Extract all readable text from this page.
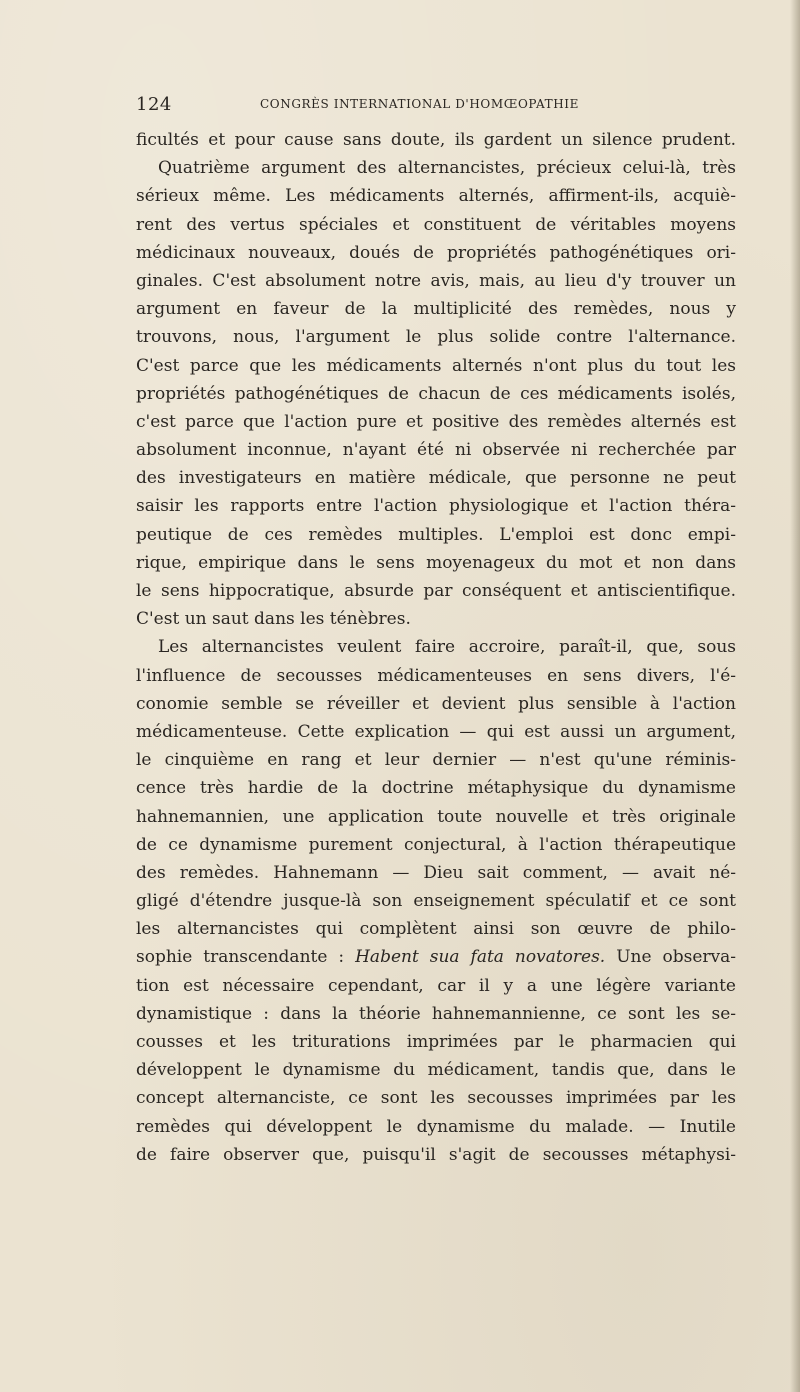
124	CONGRÈS INTERNATIONAL D'HOMŒOPATHIE
ficultés et pour cause sans doute, ils gardent un silence prudent.
Quatrième argument des alternancistes, précieux celui-là, très
sérieux même. Les médicaments alternés, affirment-ils, acquiè-
rent des vertus spéciales et constituent de véritables moyens
médicinaux nouveaux, doués de propriétés pathogénétiques ori-
ginales. C'est absolument notre avis, mais, au lieu d'y trouver un
argument en faveur de la multiplicité des remèdes, nous y
trouvons, nous, l'argument le plus solide contre l'alternance.
C'est parce que les médicaments alternés n'ont plus du tout les
propriétés pathogénétiques de chacun de ces médicaments isolés,
c'est parce que l'action pure et positive des remèdes alternés est
absolument inconnue, n'ayant été ni observée ni recherchée par
des investigateurs en matière médicale, que personne ne peut
saisir les rapports entre l'action physiologique et l'action théra-
peutique de ces remèdes multiples. L'emploi est donc empi-
rique, empirique dans le sens moyenageux du mot et non dans
le sens hippocratique, absurde par conséquent et antiscientifique.
C'est un saut dans les ténèbres.
Les alternancistes veulent faire accroire, paraît-il, que, sous
l'influence de secousses médicamenteuses en sens divers, l'é-
conomie semble se réveiller et devient plus sensible à l'action
médicamenteuse. Cette explication — qui est aussi un argument,
le cinquième en rang et leur dernier — n'est qu'une réminis-
cence très hardie de la doctrine métaphysique du dynamisme
hahnemannien, une application toute nouvelle et très originale
de ce dynamisme purement conjectural, à l'action thérapeutique
des remèdes. Hahnemann — Dieu sait comment, — avait né-
gligé d'étendre jusque-là son enseignement spéculatif et ce sont
les alternancistes qui complètent ainsi son œuvre de philo-
sophie transcendante : Habent sua fata novatores. Une observa-
tion est nécessaire cependant, car il y a une légère variante
dynamistique : dans la théorie hahnemannienne, ce sont les se-
cousses et les triturations imprimées par le pharmacien qui
développent le dynamisme du médicament, tandis que, dans le
concept alternanciste, ce sont les secousses imprimées par les
remèdes qui développent le dynamisme du malade. — Inutile
de faire observer que, puisqu'il s'agit de secousses métaphysi-
